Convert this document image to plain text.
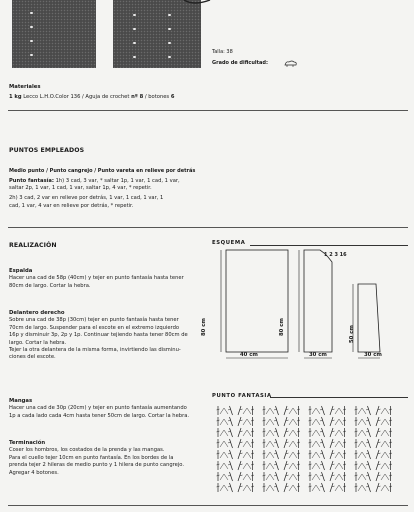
Talla: 38
Grado de dificultad:
Materiales
1 kg Lecco L.H.O.Color 136 / Aguja de crochet nº 8 / botones 6
PUNTOS EMPLEADOS
Medio punto / Punto cangrejo / Punto vareta en relieve por detrás

Punto fantasía: 1h) 3 cad, 3 var, * saltar 1p, 1 var, 1 cad, 1 var,

saltar 2p, 1 var, 1 cad, 1 var, saltar 1p, 4 var, * repetir.

2h) 3 cad, 2 var en relieve por detrás, 1 var, 1 cad, 1 var, 1

cad, 1 var, 4 var en relieve por detrás, * repetir.

REALIZACIÓN

Espalda

Hacer una cad de 58p (40cm) y tejer en punto fantasía hasta tener

80cm de largo. Cortar la hebra.

Delantero derecho

Sobre una cad de 38p (30cm) tejer en punto fantasía hasta tener

70cm de largo. Suspender para el escote en el extremo izquierdo

16p y disminuir 3p, 2p y 1p. Continuar tejiendo hasta tener 80cm de

largo. Cortar la hebra.

Tejer la otra delantera de la misma forma, invirtiendo las disminu-

ciones del escote.

Mangas

Hacer una cad de 30p (20cm) y tejer en punto fantasía aumentando

1p a cada lado cada 4cm hasta tener 50cm de largo. Cortar la hebra.

Terminación

Coser los hombros, los costados de la prenda y las mangas.

Para el cuello tejer 10cm en punto fantasía. En los bordes de la

prenda tejer 2 hileras de medio punto y 1 hilera de punto cangrejo.

Agregar 4 botones.

ESQUEMA
1 2 3 16
40 cm	30 cm	30 cm
80 cm	80 cm	50 cm
PUNTO FANTASIA
